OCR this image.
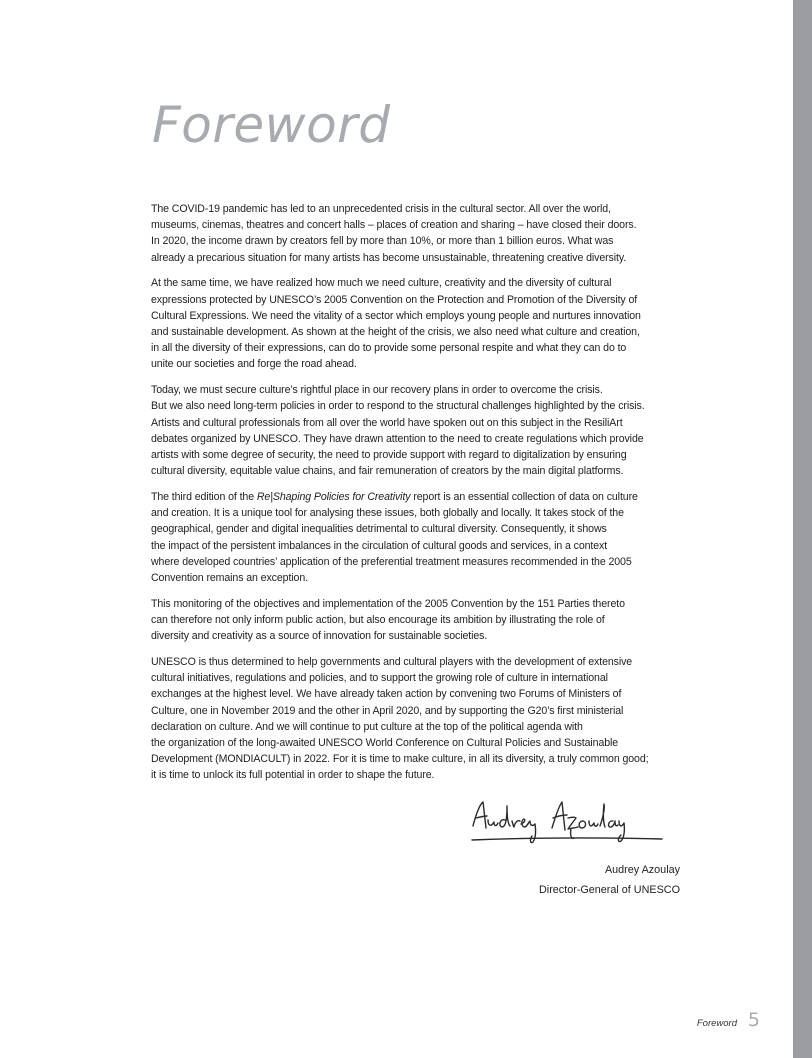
Foreword

The COVID-19 pandemic has led to an unprecedented crisis in the cultural sector. All over the world,
museums, cinemas, theatres and concert halls – places of creation and sharing – have closed their doors.
In 2020, the income drawn by creators fell by more than 10%, or more than 1 billion euros. What was
already a precarious situation for many artists has become unsustainable, threatening creative diversity.

At the same time, we have realized how much we need culture, creativity and the diversity of cultural
expressions protected by UNESCO’s 2005 Convention on the Protection and Promotion of the Diversity of
Cultural Expressions. We need the vitality of a sector which employs young people and nurtures innovation
and sustainable development. As shown at the height of the crisis, we also need what culture and creation,
in all the diversity of their expressions, can do to provide some personal respite and what they can do to
unite our societies and forge the road ahead.

Today, we must secure culture’s rightful place in our recovery plans in order to overcome the crisis.
But we also need long-term policies in order to respond to the structural challenges highlighted by the crisis.
Artists and cultural professionals from all over the world have spoken out on this subject in the ResiliArt
debates organized by UNESCO. They have drawn attention to the need to create regulations which provide
artists with some degree of security, the need to provide support with regard to digitalization by ensuring
cultural diversity, equitable value chains, and fair remuneration of creators by the main digital platforms.

The third edition of the Re|Shaping Policies for Creativity report is an essential collection of data on culture
and creation. It is a unique tool for analysing these issues, both globally and locally. It takes stock of the
geographical, gender and digital inequalities detrimental to cultural diversity. Consequently, it shows
the impact of the persistent imbalances in the circulation of cultural goods and services, in a context
where developed countries’ application of the preferential treatment measures recommended in the 2005
Convention remains an exception.

This monitoring of the objectives and implementation of the 2005 Convention by the 151 Parties thereto
can therefore not only inform public action, but also encourage its ambition by illustrating the role of
diversity and creativity as a source of innovation for sustainable societies.

UNESCO is thus determined to help governments and cultural players with the development of extensive
cultural initiatives, regulations and policies, and to support the growing role of culture in international
exchanges at the highest level. We have already taken action by convening two Forums of Ministers of
Culture, one in November 2019 and the other in April 2020, and by supporting the G20’s first ministerial
declaration on culture. And we will continue to put culture at the top of the political agenda with
the organization of the long-awaited UNESCO World Conference on Cultural Policies and Sustainable
Development (MONDIACULT) in 2022. For it is time to make culture, in all its diversity, a truly common good;
it is time to unlock its full potential in order to shape the future.

Audrey Azoulay
Director-General of UNESCO
Foreword 5
